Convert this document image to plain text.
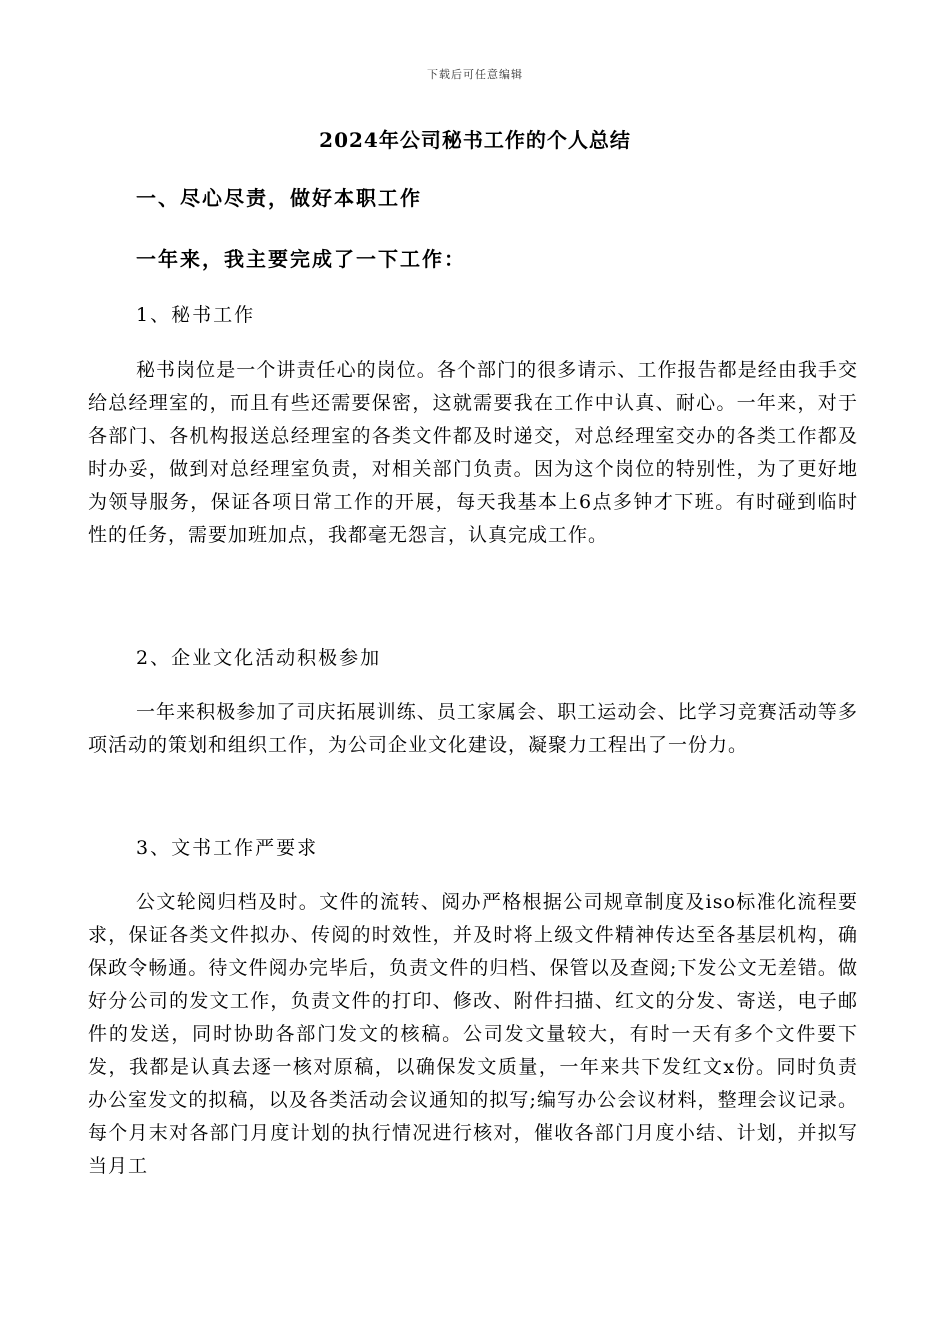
下载后可任意编辑
2024年公司秘书工作的个人总结
一、尽心尽责，做好本职工作
一年来，我主要完成了一下工作：
1、秘书工作
秘书岗位是一个讲责任心的岗位。各个部门的很多请示、工作报告都是经由我手交给总经理室的，而且有些还需要保密，这就需要我在工作中认真、耐心。一年来，对于各部门、各机构报送总经理室的各类文件都及时递交，对总经理室交办的各类工作都及时办妥，做到对总经理室负责，对相关部门负责。因为这个岗位的特别性，为了更好地为领导服务，保证各项日常工作的开展，每天我基本上6点多钟才下班。有时碰到临时性的任务，需要加班加点，我都毫无怨言，认真完成工作。
2、企业文化活动积极参加
一年来积极参加了司庆拓展训练、员工家属会、职工运动会、比学习竞赛活动等多项活动的策划和组织工作，为公司企业文化建设，凝聚力工程出了一份力。
3、文书工作严要求
公文轮阅归档及时。文件的流转、阅办严格根据公司规章制度及iso标准化流程要求，保证各类文件拟办、传阅的时效性，并及时将上级文件精神传达至各基层机构，确保政令畅通。待文件阅办完毕后，负责文件的归档、保管以及查阅;下发公文无差错。做好分公司的发文工作，负责文件的打印、修改、附件扫描、红文的分发、寄送，电子邮件的发送，同时协助各部门发文的核稿。公司发文量较大，有时一天有多个文件要下发，我都是认真去逐一核对原稿，以确保发文质量，一年来共下发红文x份。同时负责办公室发文的拟稿，以及各类活动会议通知的拟写;编写办公会议材料，整理会议记录。每个月末对各部门月度计划的执行情况进行核对，催收各部门月度小结、计划，并拟写当月工
